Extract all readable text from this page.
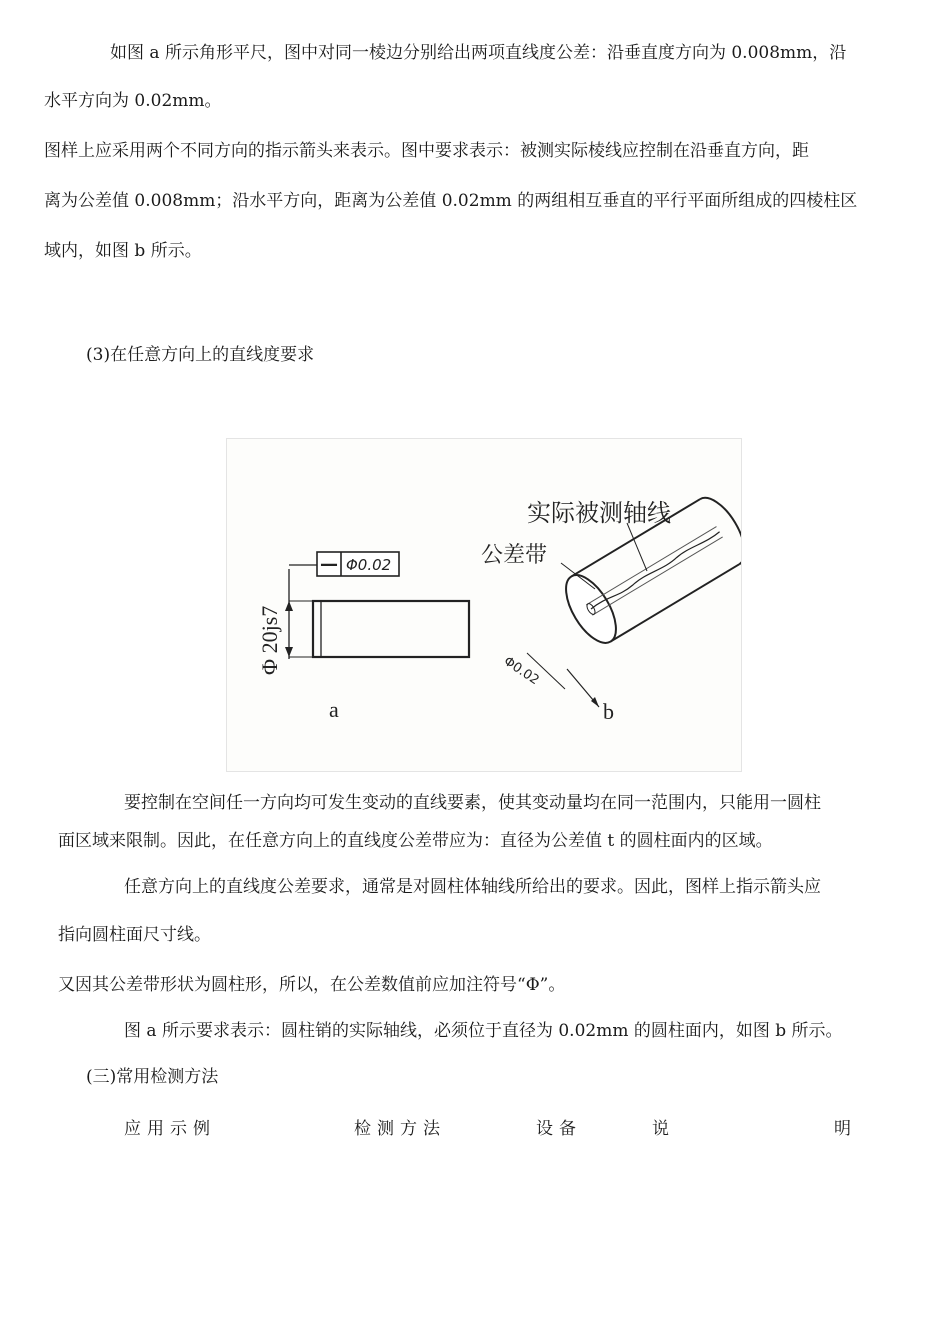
如图 a 所示角形平尺，图中对同一棱边分别给出两项直线度公差：沿垂直度方向为 0.008mm，沿
水平方向为 0.02mm。
图样上应采用两个不同方向的指示箭头来表示。图中要求表示：被测实际棱线应控制在沿垂直方向，距
离为公差值 0.008mm；沿水平方向，距离为公差值 0.02mm 的两组相互垂直的平行平面所组成的四棱柱区
域内，如图 b 所示。
(3)在任意方向上的直线度要求
— Φ0.02
Φ 20js7
a
Φ0.02
实际被测轴线
公差带
b
要控制在空间任一方向均可发生变动的直线要素，使其变动量均在同一范围内，只能用一圆柱
面区域来限制。因此，在任意方向上的直线度公差带应为：直径为公差值 t 的圆柱面内的区域。
任意方向上的直线度公差要求，通常是对圆柱体轴线所给出的要求。因此，图样上指示箭头应
指向圆柱面尺寸线。
又因其公差带形状为圆柱形，所以，在公差数值前应加注符号“Φ”。
图 a 所示要求表示：圆柱销的实际轴线，必须位于直径为 0.02mm 的圆柱面内，如图 b 所示。
(三)常用检测方法
应用示例	检测方法	设备	说	明
